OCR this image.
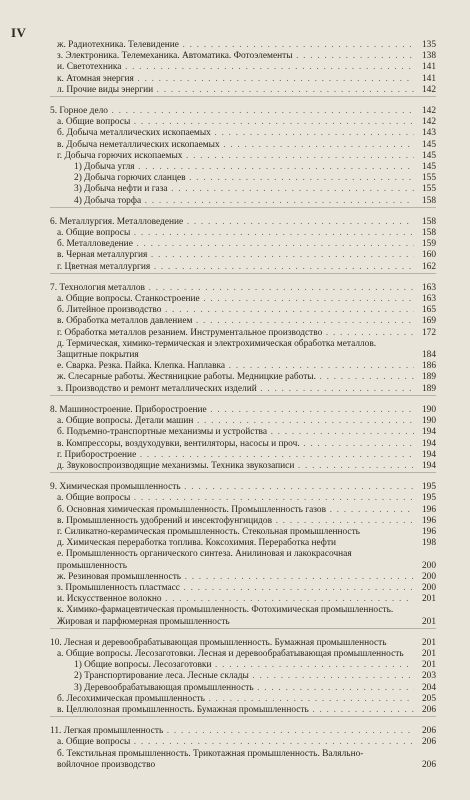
IV
ж. Радиотехника. Телевидение . . .	135
з. Электроника. Телемеханика. Автоматика. Фотоэлементы . . .	138
и. Светотехника . . .	141
к. Атомная энергия . . .	141
л. Прочие виды энергии . . .	142
5. Горное дело . . .	142
а. Общие вопросы . . .	142
б. Добыча металлических ископаемых . . .	143
в. Добыча неметаллических ископаемых . . .	145
г. Добыча горючих ископаемых . . .	145
1) Добыча угля . . .	145
2) Добыча горючих сланцев . . .	155
3) Добыча нефти и газа . . .	155
4) Добыча торфа . . .	158
6. Металлургия. Металловедение . . .	158
а. Общие вопросы . . .	158
б. Металловедение . . .	159
в. Черная металлургия . . .	160
г. Цветная металлургия . . .	162
7. Технология металлов . . .	163
а. Общие вопросы. Станкостроение . . .	163
б. Литейное производство . . .	165
в. Обработка металлов давлением . . .	169
г. Обработка металлов резанием. Инструментальное производство . . .	172
д. Термическая, химико-термическая и электрохимическая обработка металлов. Защитные покрытия	184
е. Сварка. Резка. Пайка. Клепка. Наплавка . . .	186
ж. Слесарные работы. Жестяницкие работы. Медницкие работы. . . .	189
з. Производство и ремонт металлических изделий . . .	189
8. Машиностроение. Приборостроение . . .	190
а. Общие вопросы. Детали машин . . .	190
б. Подъемно-транспортные механизмы и устройства . . .	194
в. Компрессоры, воздуходувки, вентиляторы, насосы и проч. . . .	194
г. Приборостроение . . .	194
д. Звуковоспроизводящие механизмы. Техника звукозаписи . . .	194
9. Химическая промышленность . . .	195
а. Общие вопросы . . .	195
б. Основная химическая промышленность. Промышленность газов . . .	196
в. Промышленность удобрений и инсектофунгицидов . . .	196
г. Силикатно-керамическая промышленность. Стекольная промышленность	196
д. Химическая переработка топлива. Коксохимия. Переработка нефти	198
е. Промышленность органического синтеза. Анилиновая и лакокрасочная промышленность	200
ж. Резиновая промышленность . . .	200
з. Промышленность пластмасс . . .	200
и. Искусственное волокно . . .	201
к. Химико-фармацевтическая промышленность. Фотохимическая промышленность. Жировая и парфюмерная промышленность	201
10. Лесная и деревообрабатывающая промышленность. Бумажная промышленность	201
а. Общие вопросы. Лесозаготовки. Лесная и деревообрабатывающая промышленность	201
1) Общие вопросы. Лесозаготовки . . .	201
2) Транспортирование леса. Лесные склады . . .	203
3) Деревообрабатывающая промышленность . . .	204
б. Лесохимическая промышленность . . .	205
в. Целлюлозная промышленность. Бумажная промышленность . . .	206
11. Легкая промышленность . . .	206
а. Общие вопросы . . .	206
б. Текстильная промышленность. Трикотажная промышленность. Валяльно-войлочное производство	206
